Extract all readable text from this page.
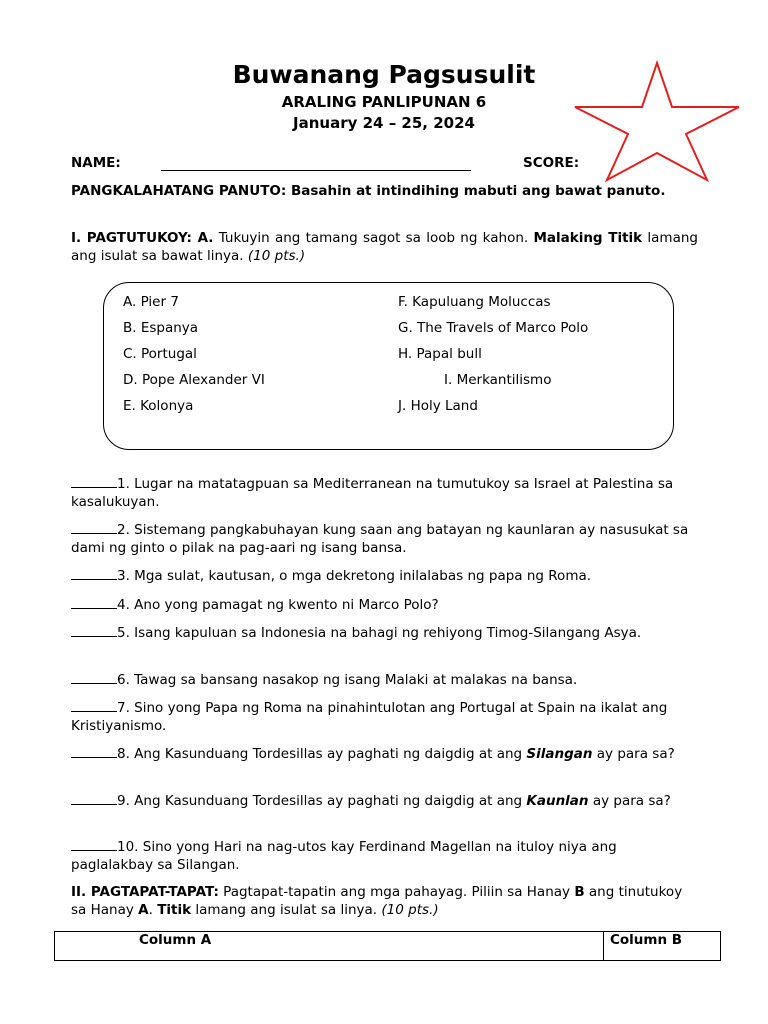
Buwanang Pagsusulit
ARALING PANLIPUNAN 6
January 24 – 25, 2024
NAME:	SCORE:
PANGKALAHATANG PANUTO: Basahin at intindihing mabuti ang bawat panuto.
I. PAGTUTUKOY: A. Tukuyin ang tamang sagot sa loob ng kahon. Malaking Titik lamang ang isulat sa bawat linya. (10 pts.)
A. Pier 7
B. Espanya
C. Portugal
D. Pope Alexander VI
E. Kolonya
F. Kapuluang Moluccas
G. The Travels of Marco Polo
H. Papal bull
I. Merkantilismo
J. Holy Land
1. Lugar na matatagpuan sa Mediterranean na tumutukoy sa Israel at Palestina sa kasalukuyan.
2. Sistemang pangkabuhayan kung saan ang batayan ng kaunlaran ay nasusukat sa dami ng ginto o pilak na pag-aari ng isang bansa.
3. Mga sulat, kautusan, o mga dekretong inilalabas ng papa ng Roma.
4. Ano yong pamagat ng kwento ni Marco Polo?
5. Isang kapuluan sa Indonesia na bahagi ng rehiyong Timog-Silangang Asya.
6. Tawag sa bansang nasakop ng isang Malaki at malakas na bansa.
7. Sino yong Papa ng Roma na pinahintulotan ang Portugal at Spain na ikalat ang Kristiyanismo.
8. Ang Kasunduang Tordesillas ay paghati ng daigdig at ang Silangan ay para sa?
9. Ang Kasunduang Tordesillas ay paghati ng daigdig at ang Kaunlan ay para sa?
10. Sino yong Hari na nag-utos kay Ferdinand Magellan na ituloy niya ang paglalakbay sa Silangan.
II. PAGTAPAT-TAPAT: Pagtapat-tapatin ang mga pahayag. Piliin sa Hanay B ang tinutukoy sa Hanay A. Titik lamang ang isulat sa linya. (10 pts.)
Column A	Column B
